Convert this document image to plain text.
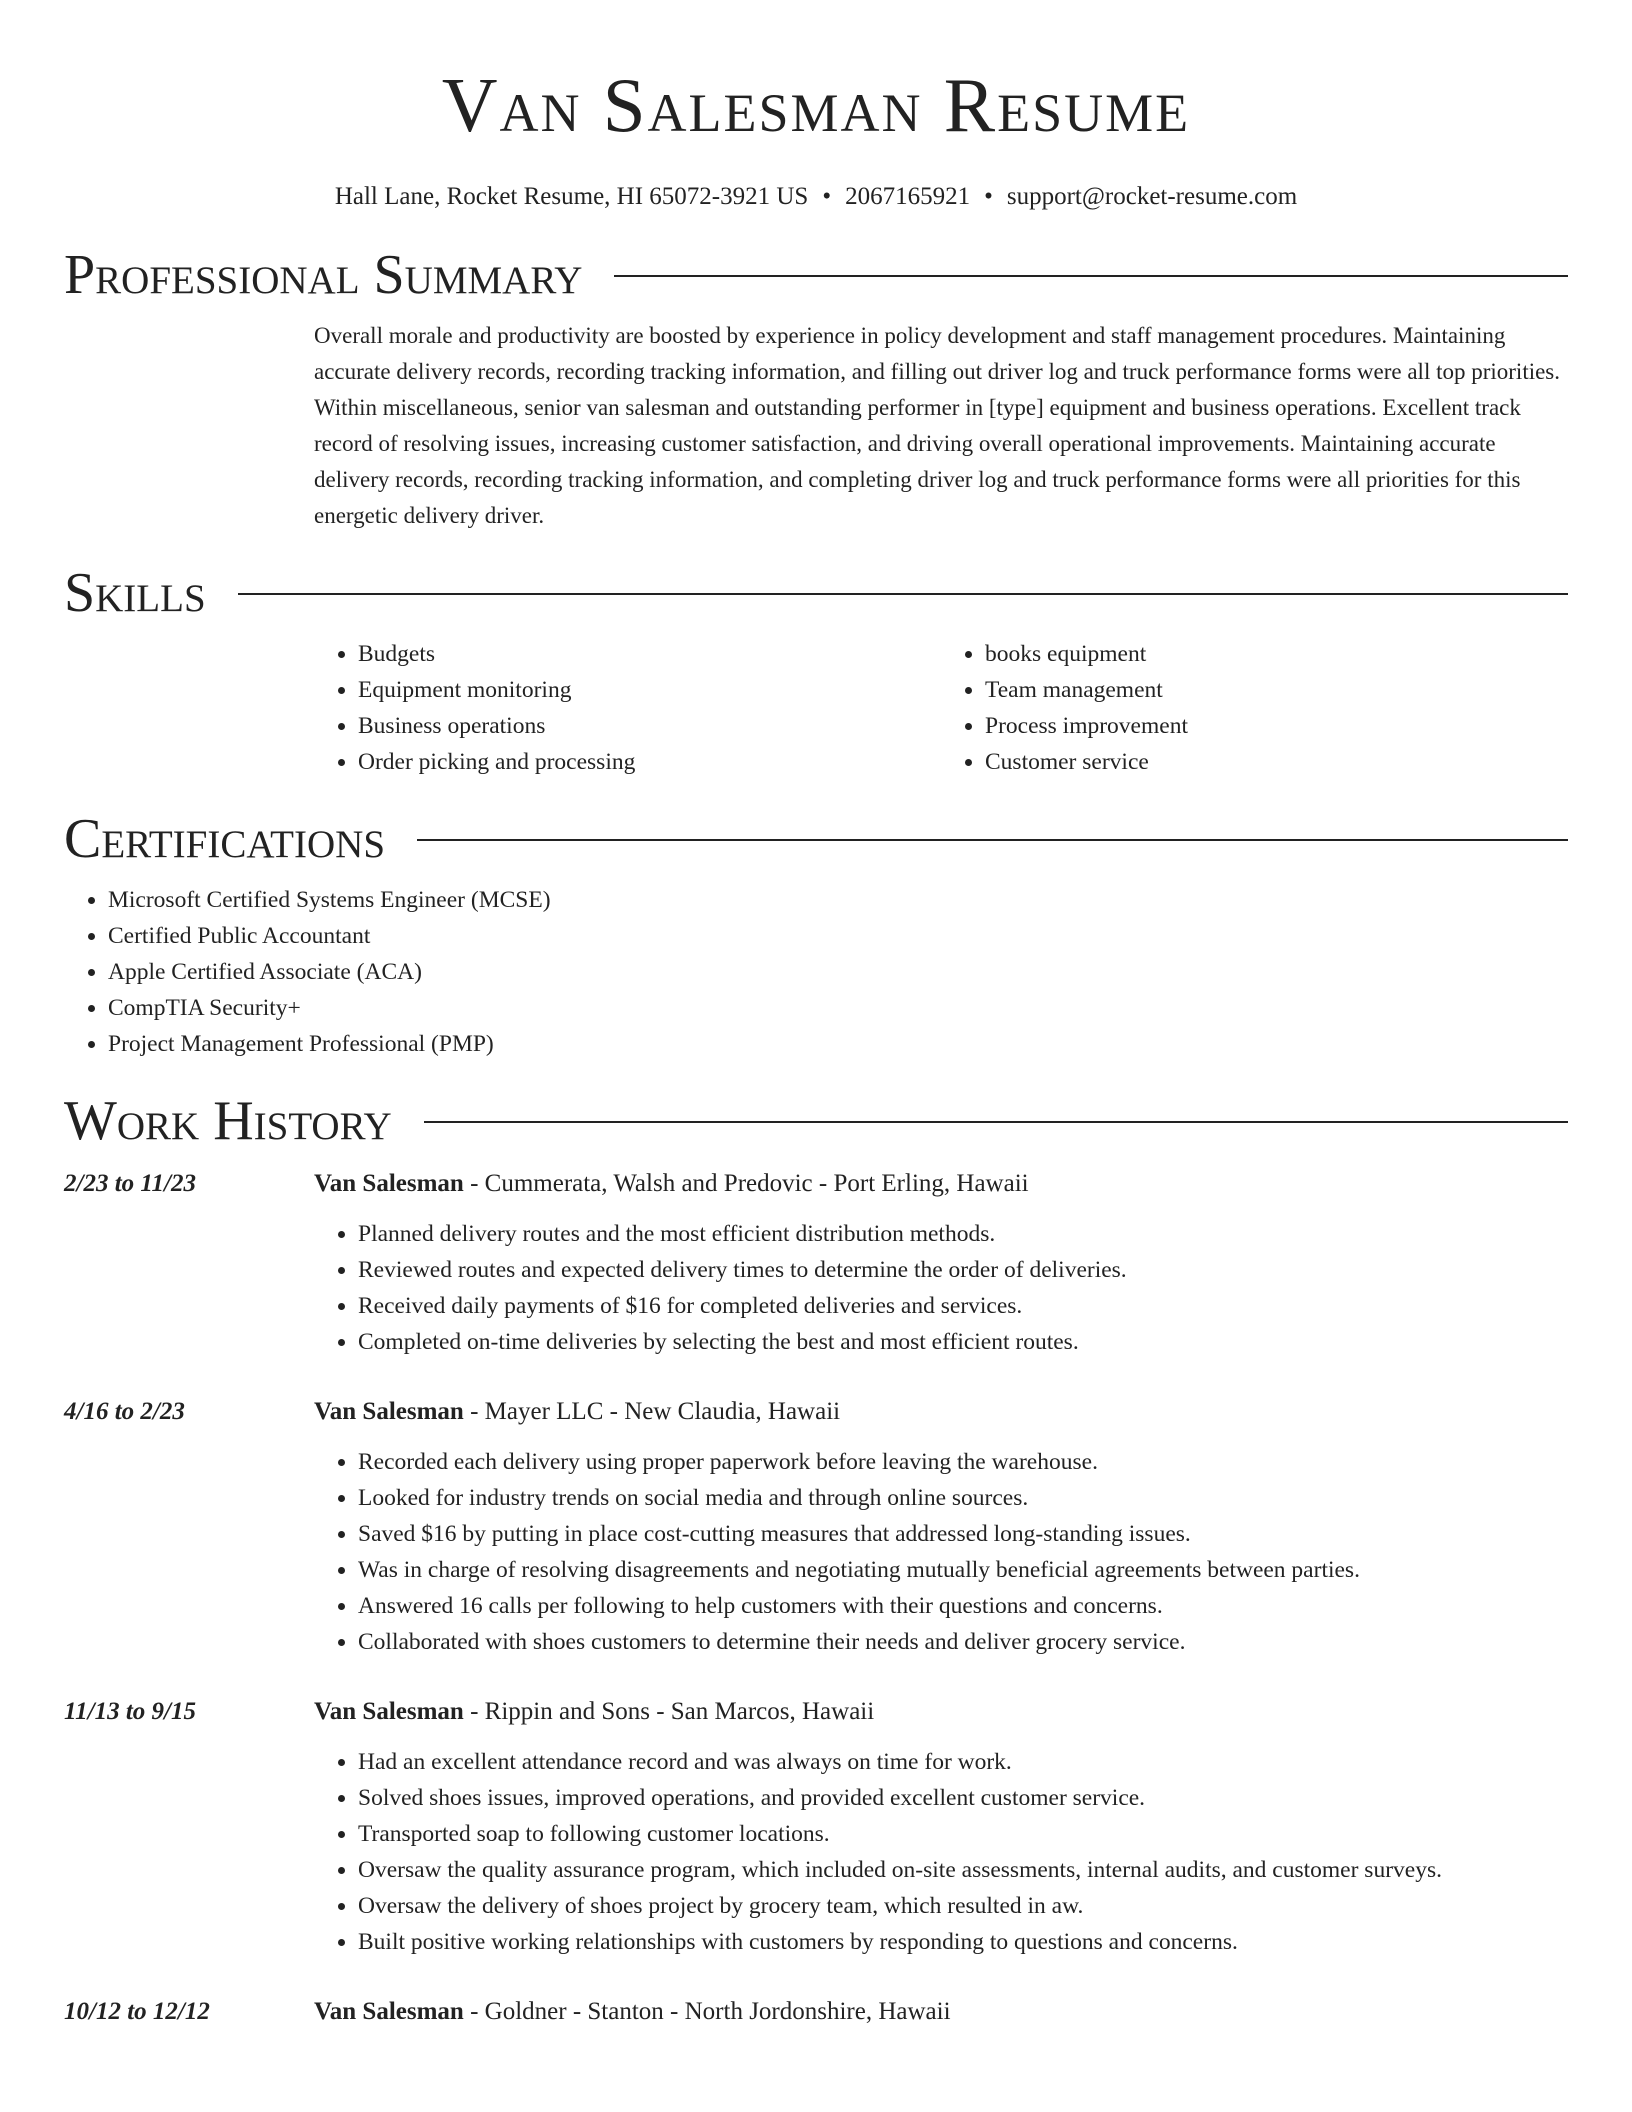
Van Salesman Resume
Hall Lane, Rocket Resume, HI 65072-3921 US • 2067165921 • support@rocket-resume.com
Professional Summary

Overall morale and productivity are boosted by experience in policy development and staff management procedures. Maintaining accurate delivery records, recording tracking information, and filling out driver log and truck performance forms were all top priorities. Within miscellaneous, senior van salesman and outstanding performer in [type] equipment and business operations. Excellent track record of resolving issues, increasing customer satisfaction, and driving overall operational improvements. Maintaining accurate delivery records, recording tracking information, and completing driver log and truck performance forms were all priorities for this energetic delivery driver.

Skills
• Budgets
• Equipment monitoring
• Business operations
• Order picking and processing
• books equipment
• Team management
• Process improvement
• Customer service
Certifications
• Microsoft Certified Systems Engineer (MCSE)
• Certified Public Accountant
• Apple Certified Associate (ACA)
• CompTIA Security+
• Project Management Professional (PMP)
Work History
2/23 to 11/23	Van Salesman - Cummerata, Walsh and Predovic - Port Erling, Hawaii
• Planned delivery routes and the most efficient distribution methods.
• Reviewed routes and expected delivery times to determine the order of deliveries.
• Received daily payments of $16 for completed deliveries and services.
• Completed on-time deliveries by selecting the best and most efficient routes.
4/16 to 2/23	Van Salesman - Mayer LLC - New Claudia, Hawaii
• Recorded each delivery using proper paperwork before leaving the warehouse.
• Looked for industry trends on social media and through online sources.
• Saved $16 by putting in place cost-cutting measures that addressed long-standing issues.
• Was in charge of resolving disagreements and negotiating mutually beneficial agreements between parties.
• Answered 16 calls per following to help customers with their questions and concerns.
• Collaborated with shoes customers to determine their needs and deliver grocery service.
11/13 to 9/15	Van Salesman - Rippin and Sons - San Marcos, Hawaii
• Had an excellent attendance record and was always on time for work.
• Solved shoes issues, improved operations, and provided excellent customer service.
• Transported soap to following customer locations.
• Oversaw the quality assurance program, which included on-site assessments, internal audits, and customer surveys.
• Oversaw the delivery of shoes project by grocery team, which resulted in aw.
• Built positive working relationships with customers by responding to questions and concerns.
10/12 to 12/12	Van Salesman - Goldner - Stanton - North Jordonshire, Hawaii
